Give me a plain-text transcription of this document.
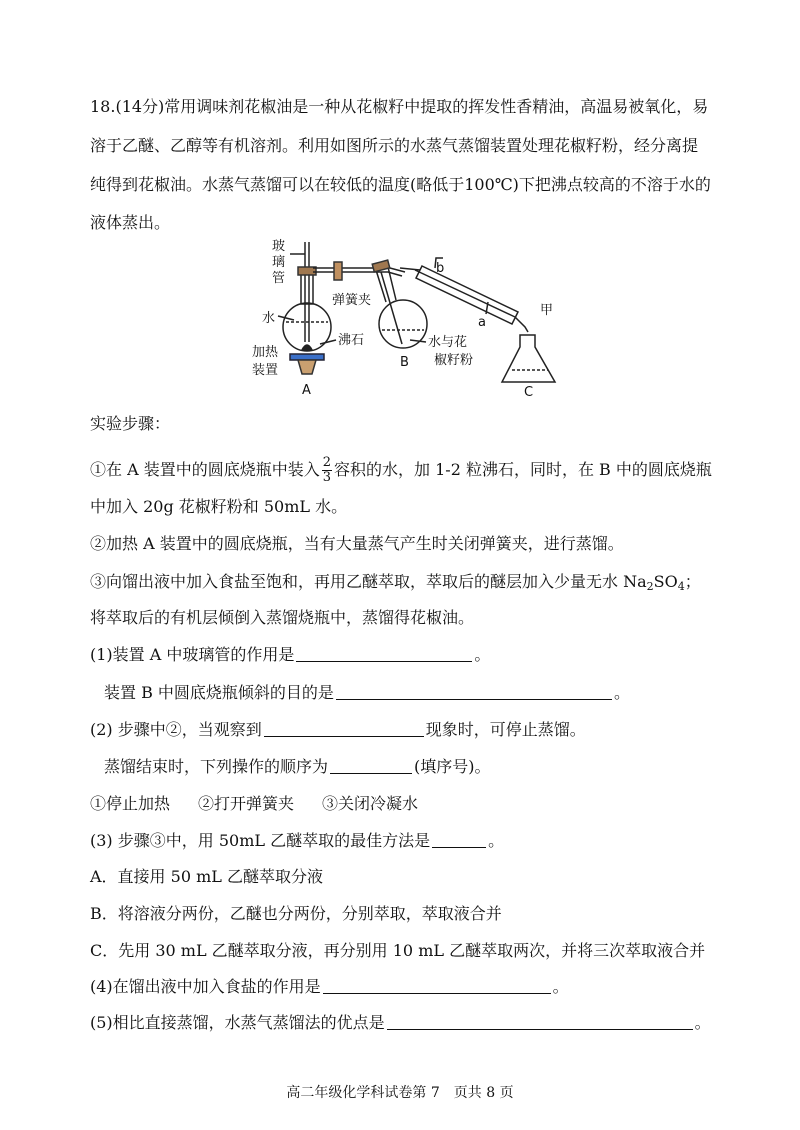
18.(14分)常用调味剂花椒油是一种从花椒籽中提取的挥发性香精油，高温易被氧化，易
溶于乙醚、乙醇等有机溶剂。利用如图所示的水蒸气蒸馏装置处理花椒籽粉，经分离提
纯得到花椒油。水蒸气蒸馏可以在较低的温度(略低于100℃)下把沸点较高的不溶于水的
液体蒸出。
玻
璃
管
水
加热
装置
A
弹簧夹
沸石
B
水与花
椒籽粉
b
a
甲
C
实验步骤：
①在 A 装置中的圆底烧瓶中装入 $\frac{2}{3}$ 容积的水，加 1-2 粒沸石，同时，在 B 中的圆底烧瓶
中加入 20g 花椒籽粉和 50mL 水。
②加热 A 装置中的圆底烧瓶，当有大量蒸气产生时关闭弹簧夹，进行蒸馏。
③向馏出液中加入食盐至饱和，再用乙醚萃取，萃取后的醚层加入少量无水 $Na_2SO_4$；
将萃取后的有机层倾倒入蒸馏烧瓶中，蒸馏得花椒油。
(1)装置 A 中玻璃管的作用是	。
装置 B 中圆底烧瓶倾斜的目的是	。
(2) 步骤中②，当观察到	现象时，可停止蒸馏。
蒸馏结束时，下列操作的顺序为	(填序号)。
①停止加热 ②打开弹簧夹 ③关闭冷凝水
(3) 步骤③中，用 50mL 乙醚萃取的最佳方法是	。
A．直接用 50 mL 乙醚萃取分液
B．将溶液分两份，乙醚也分两份，分别萃取，萃取液合并
C．先用 30 mL 乙醚萃取分液，再分别用 10 mL 乙醚萃取两次，并将三次萃取液合并
(4)在馏出液中加入食盐的作用是	。
(5)相比直接蒸馏，水蒸气蒸馏法的优点是	。
高二年级化学科试卷第 7　页共 8 页
